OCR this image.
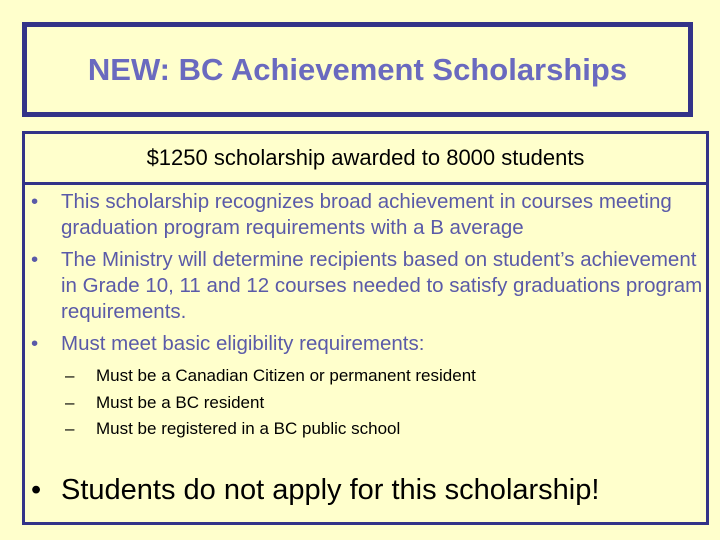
NEW: BC Achievement Scholarships
$1250 scholarship awarded to 8000 students
• This scholarship recognizes broad achievement in courses meeting graduation program requirements with a B average
• The Ministry will determine recipients based on student’s achievement in Grade 10, 11 and 12 courses needed to satisfy graduations program requirements.
• Must meet basic eligibility requirements:
– Must be a Canadian Citizen or permanent resident
– Must be a BC resident
– Must be registered in a BC public school
• Students do not apply for this scholarship!
